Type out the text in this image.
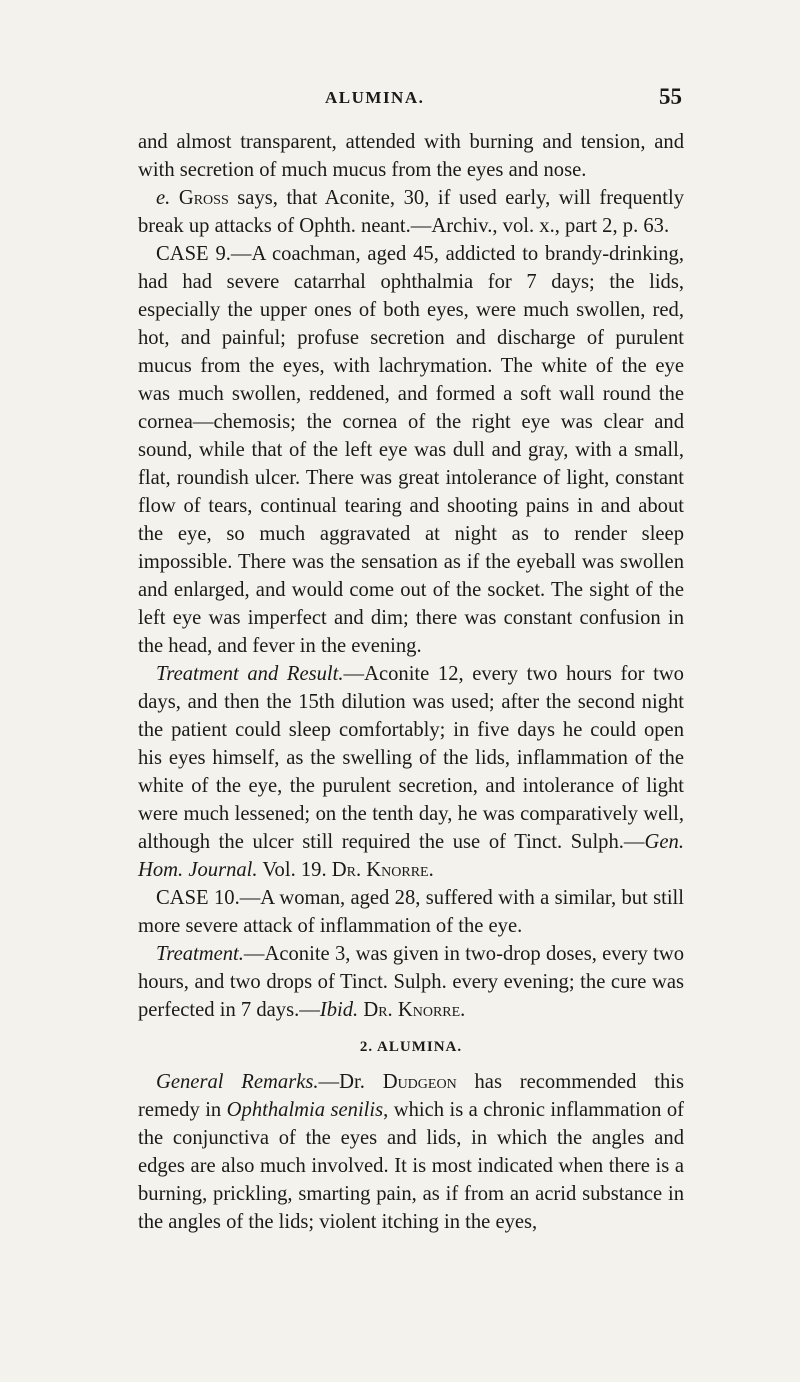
ALUMINA.	55

and almost transparent, attended with burning and tension, and with secretion of much mucus from the eyes and nose.

e. Gross says, that Aconite, 30, if used early, will frequently break up attacks of Ophth. neant.—Archiv., vol. x., part 2, p. 63.

CASE 9.—A coachman, aged 45, addicted to brandy-drinking, had had severe catarrhal ophthalmia for 7 days; the lids, especially the upper ones of both eyes, were much swollen, red, hot, and painful; profuse secretion and discharge of purulent mucus from the eyes, with lachrymation. The white of the eye was much swollen, reddened, and formed a soft wall round the cornea—chemosis; the cornea of the right eye was clear and sound, while that of the left eye was dull and gray, with a small, flat, roundish ulcer. There was great intolerance of light, constant flow of tears, continual tearing and shooting pains in and about the eye, so much aggravated at night as to render sleep impossible. There was the sensation as if the eyeball was swollen and enlarged, and would come out of the socket. The sight of the left eye was imperfect and dim; there was constant confusion in the head, and fever in the evening.

Treatment and Result.—Aconite 12, every two hours for two days, and then the 15th dilution was used; after the second night the patient could sleep comfortably; in five days he could open his eyes himself, as the swelling of the lids, inflammation of the white of the eye, the purulent secretion, and intolerance of light were much lessened; on the tenth day, he was comparatively well, although the ulcer still required the use of Tinct. Sulph.—Gen. Hom. Journal. Vol. 19. Dr. Knorre.

CASE 10.—A woman, aged 28, suffered with a similar, but still more severe attack of inflammation of the eye.

Treatment.—Aconite 3, was given in two-drop doses, every two hours, and two drops of Tinct. Sulph. every evening; the cure was perfected in 7 days.—Ibid. Dr. Knorre.

2. ALUMINA.

General Remarks.—Dr. Dudgeon has recommended this remedy in Ophthalmia senilis, which is a chronic inflammation of the conjunctiva of the eyes and lids, in which the angles and edges are also much involved. It is most indicated when there is a burning, prickling, smarting pain, as if from an acrid substance in the angles of the lids; violent itching in the eyes,
